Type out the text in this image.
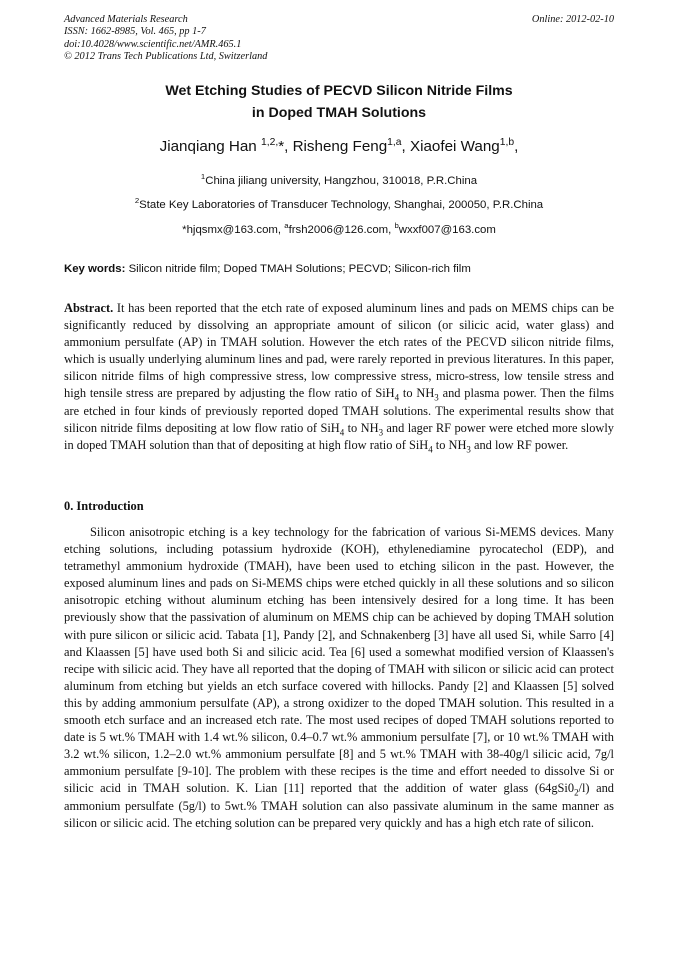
Advanced Materials Research
ISSN: 1662-8985, Vol. 465, pp 1-7
doi:10.4028/www.scientific.net/AMR.465.1
© 2012 Trans Tech Publications Ltd, Switzerland
Online: 2012-02-10
Wet Etching Studies of PECVD Silicon Nitride Films
in Doped TMAH Solutions
Jianqiang Han $^{1,2,}$*, Risheng Feng$^{1,a}$, Xiaofei Wang$^{1,b}$,
$^1$China jiliang university, Hangzhou, 310018, P.R.China
$^2$State Key Laboratories of Transducer Technology, Shanghai, 200050, P.R.China
*hjqsmx@163.com, $^a$frsh2006@126.com, $^b$wxxf007@163.com
Key words: Silicon nitride film; Doped TMAH Solutions; PECVD; Silicon-rich film

Abstract. It has been reported that the etch rate of exposed aluminum lines and pads on MEMS chips can be significantly reduced by dissolving an appropriate amount of silicon (or silicic acid, water glass) and ammonium persulfate (AP) in TMAH solution. However the etch rates of the PECVD silicon nitride films, which is usually underlying aluminum lines and pad, were rarely reported in previous literatures. In this paper, silicon nitride films of high compressive stress, low compressive stress, micro-stress, low tensile stress and high tensile stress are prepared by adjusting the flow ratio of SiH$_4$ to $NH_3$ and plasma power. Then the films are etched in four kinds of previously reported doped TMAH solutions. The experimental results show that silicon nitride films depositing at low flow ratio of SiH$_4$ to $NH_3$ and lager RF power were etched more slowly in doped TMAH solution than that of depositing at high flow ratio of SiH$_4$ to $NH_3$ and low RF power.

0. Introduction

Silicon anisotropic etching is a key technology for the fabrication of various Si-MEMS devices. Many etching solutions, including potassium hydroxide (KOH), ethylenediamine pyrocatechol (EDP), and tetramethyl ammonium hydroxide (TMAH), have been used to etching silicon in the past. However, the exposed aluminum lines and pads on Si-MEMS chips were etched quickly in all these solutions and so silicon anisotropic etching without aluminum etching has been intensively desired for a long time. It has been previously show that the passivation of aluminum on MEMS chip can be achieved by doping TMAH solution with pure silicon or silicic acid. Tabata [1], Pandy [2], and Schnakenberg [3] have all used Si, while Sarro [4] and Klaassen [5] have used both Si and silicic acid. Tea [6] used a somewhat modified version of Klaassen's recipe with silicic acid. They have all reported that the doping of TMAH with silicon or silicic acid can protect aluminum from etching but yields an etch surface covered with hillocks. Pandy [2] and Klaassen [5] solved this by adding ammonium persulfate (AP), a strong oxidizer to the doped TMAH solution. This resulted in a smooth etch surface and an increased etch rate. The most used recipes of doped TMAH solutions reported to date is 5 wt.% TMAH with 1.4 wt.% silicon, 0.4–0.7 wt.% ammonium persulfate [7], or 10 wt.% TMAH with 3.2 wt.% silicon, 1.2–2.0 wt.% ammonium persulfate [8] and 5 wt.% TMAH with 38-40g/l silicic acid, 7g/l ammonium persulfate [9-10]. The problem with these recipes is the time and effort needed to dissolve Si or silicic acid in TMAH solution. K. Lian [11] reported that the addition of water glass $(64gSi0_2/l)$ and ammonium persulfate (5g/l) to 5wt.% TMAH solution can also passivate aluminum in the same manner as silicon or silicic acid. The etching solution can be prepared very quickly and has a high etch rate of silicon.
